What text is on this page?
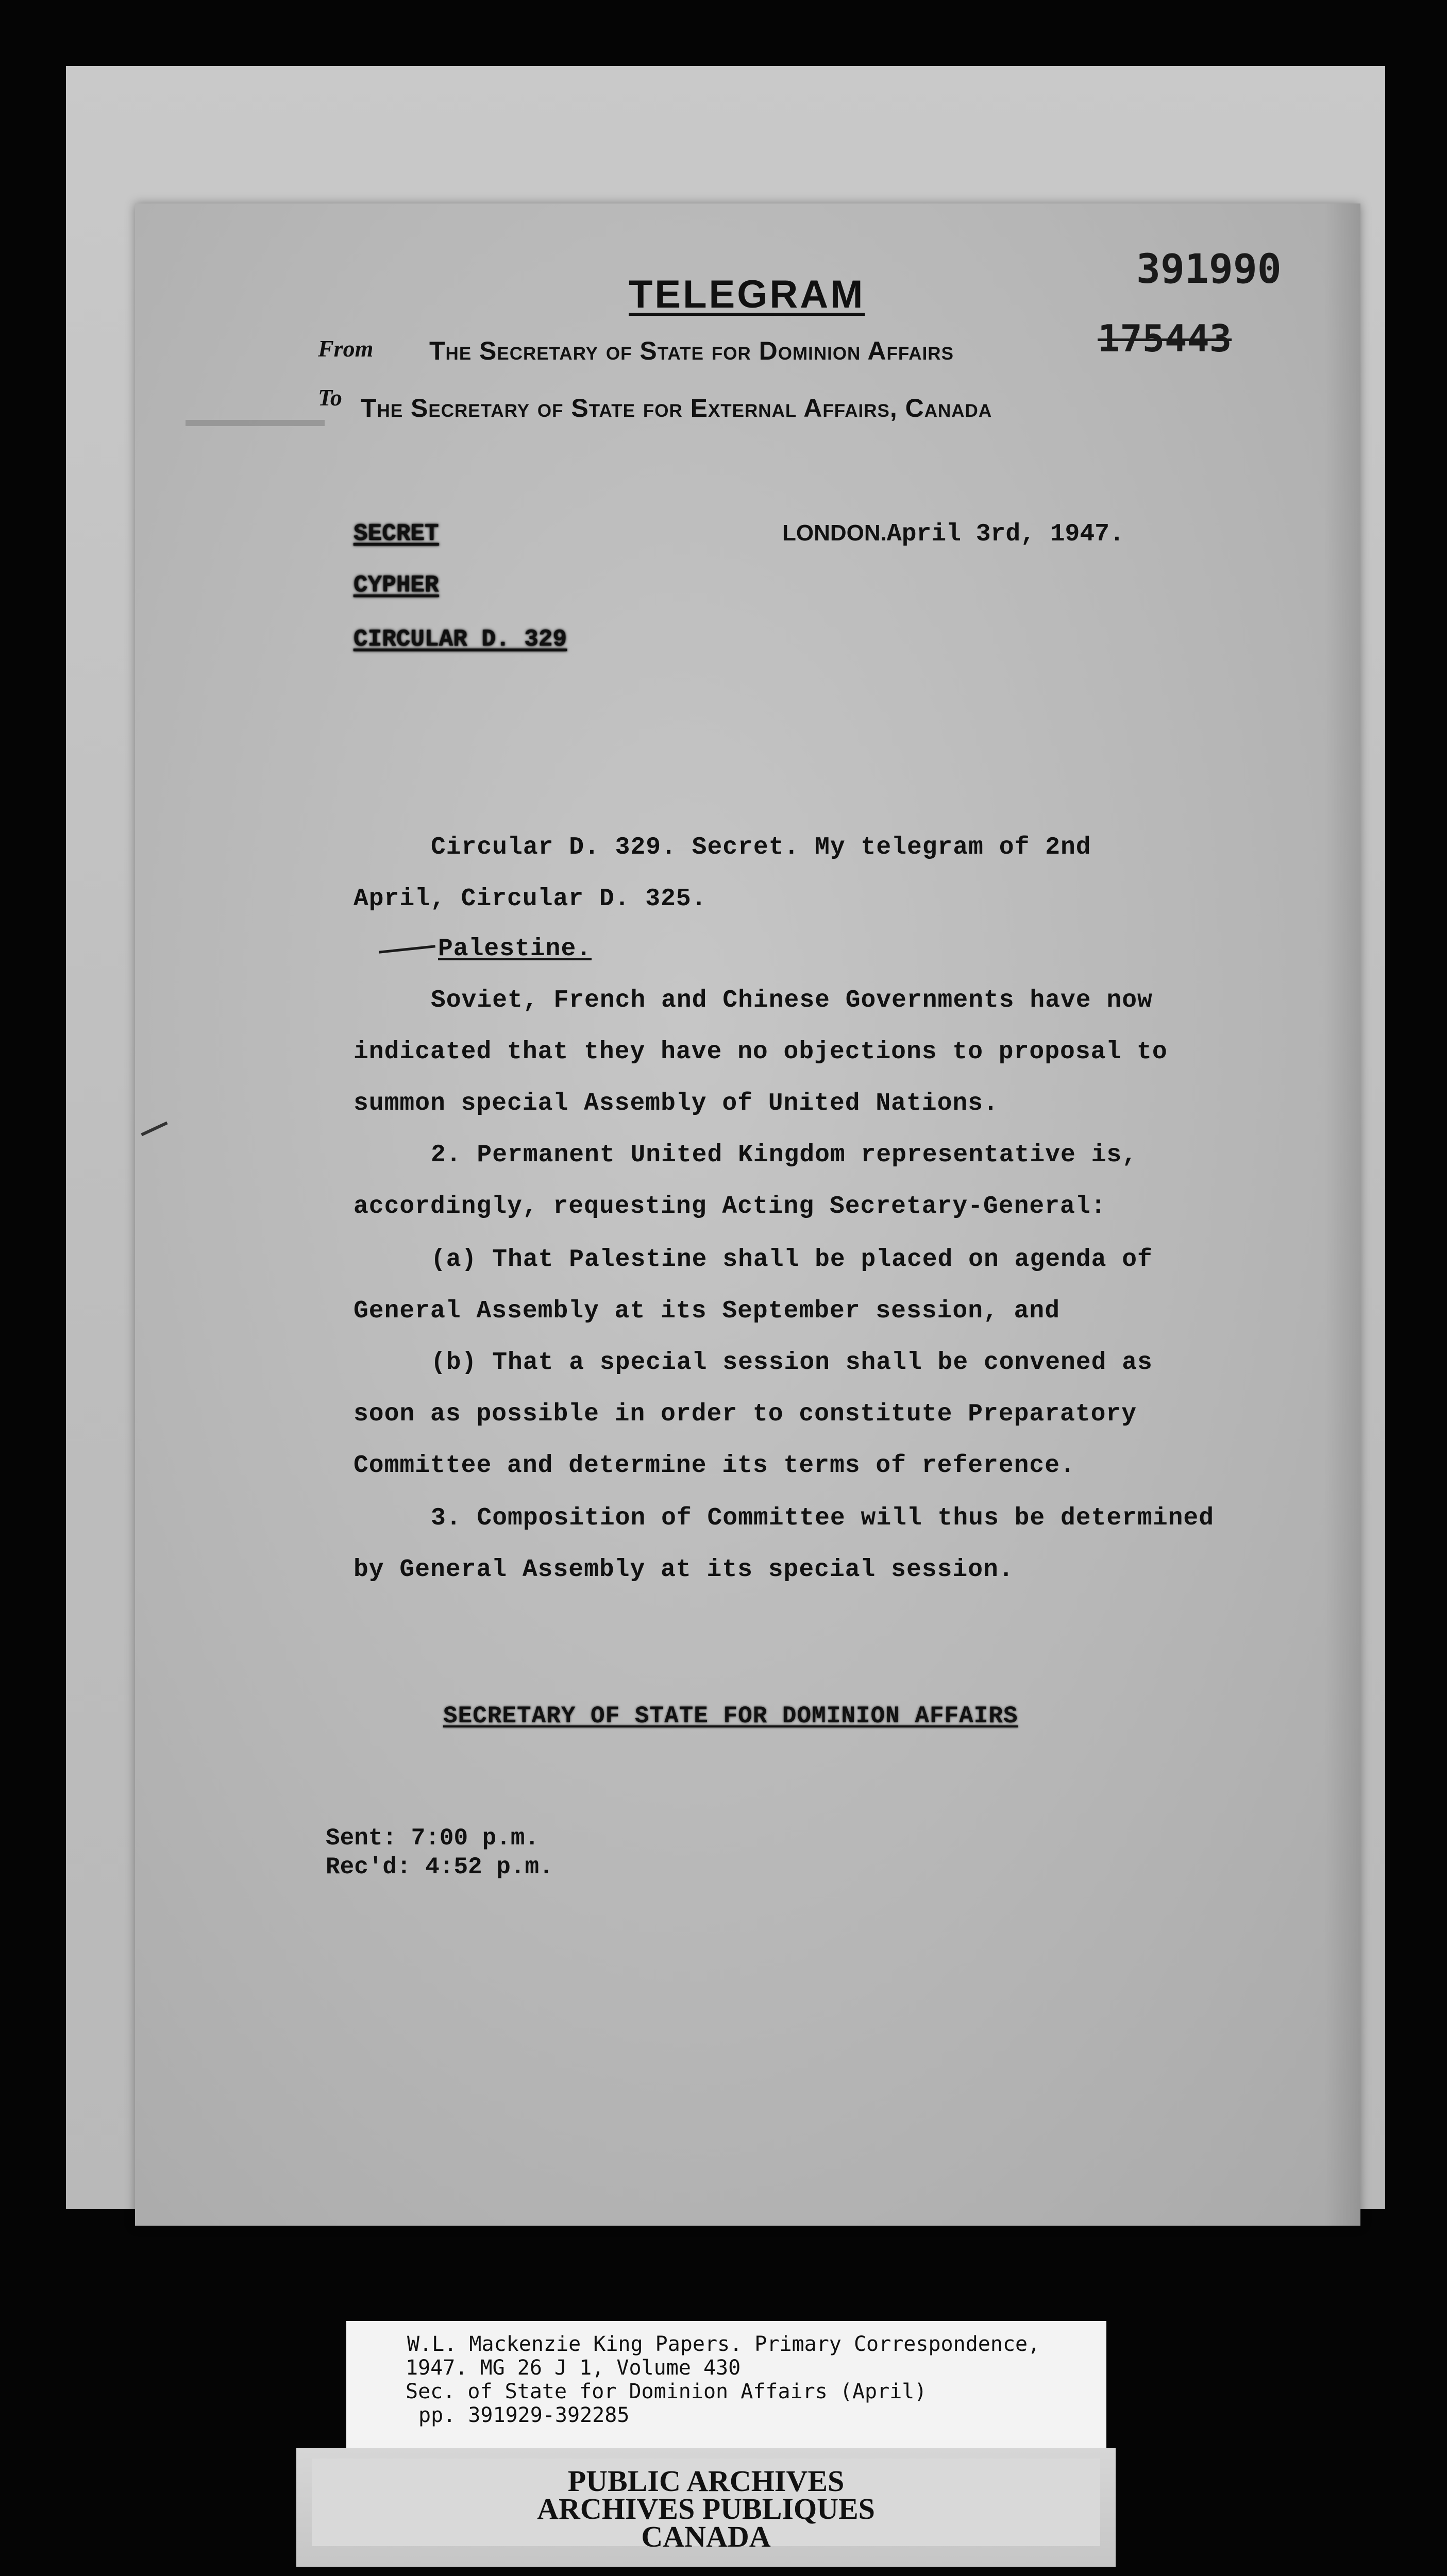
TELEGRAM
From The Secretary of State for Dominion Affairs
To The Secretary of State for External Affairs, Canada
391990
175443
LONDON.April 3rd, 1947.
SECRET
CYPHER
CIRCULAR D. 329
Circular D. 329. Secret. My telegram of 2nd
April, Circular D. 325.
Palestine.
Soviet, French and Chinese Governments have now
indicated that they have no objections to proposal to
summon special Assembly of United Nations.
2. Permanent United Kingdom representative is,
accordingly, requesting Acting Secretary-General:
(a) That Palestine shall be placed on agenda of
General Assembly at its September session, and
(b) That a special session shall be convened as
soon as possible in order to constitute Preparatory
Committee and determine its terms of reference.
3. Composition of Committee will thus be determined
by General Assembly at its special session.
SECRETARY OF STATE FOR DOMINION AFFAIRS
Sent: 7:00 p.m.
Rec'd: 4:52 p.m.
W.L. Mackenzie King Papers. Primary Correspondence,
1947. MG 26 J 1, Volume 430
Sec. of State for Dominion Affairs (April)
pp. 391929-392285
PUBLIC ARCHIVES
ARCHIVES PUBLIQUES
CANADA
